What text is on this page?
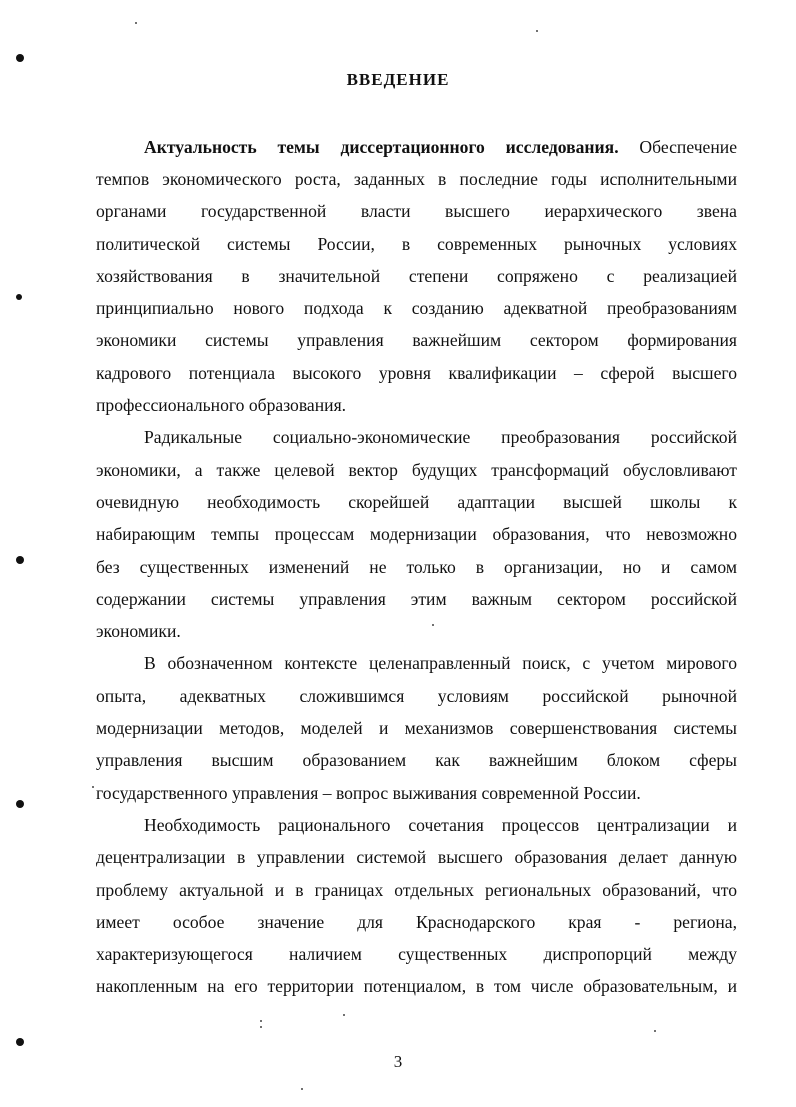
ВВЕДЕНИЕ
Актуальность темы диссертационного исследования. Обеспечение
темпов экономического роста, заданных в последние годы исполнительными
органами государственной власти высшего иерархического звена
политической системы России, в современных рыночных условиях
хозяйствования в значительной степени сопряжено с реализацией
принципиально нового подхода к созданию адекватной преобразованиям
экономики системы управления важнейшим сектором формирования
кадрового потенциала высокого уровня квалификации – сферой высшего
профессионального образования.
Радикальные социально-экономические преобразования российской
экономики, а также целевой вектор будущих трансформаций обусловливают
очевидную необходимость скорейшей адаптации высшей школы к
набирающим темпы процессам модернизации образования, что невозможно
без существенных изменений не только в организации, но и самом
содержании системы управления этим важным сектором российской
экономики.
В обозначенном контексте целенаправленный поиск, с учетом мирового
опыта, адекватных сложившимся условиям российской рыночной
модернизации методов, моделей и механизмов совершенствования системы
управления высшим образованием как важнейшим блоком сферы
государственного управления – вопрос выживания современной России.
Необходимость рационального сочетания процессов централизации и
децентрализации в управлении системой высшего образования делает данную
проблему актуальной и в границах отдельных региональных образований, что
имеет особое значение для Краснодарского края - региона,
характеризующегося наличием существенных диспропорций между
накопленным на его территории потенциалом, в том числе образовательным, и
3
